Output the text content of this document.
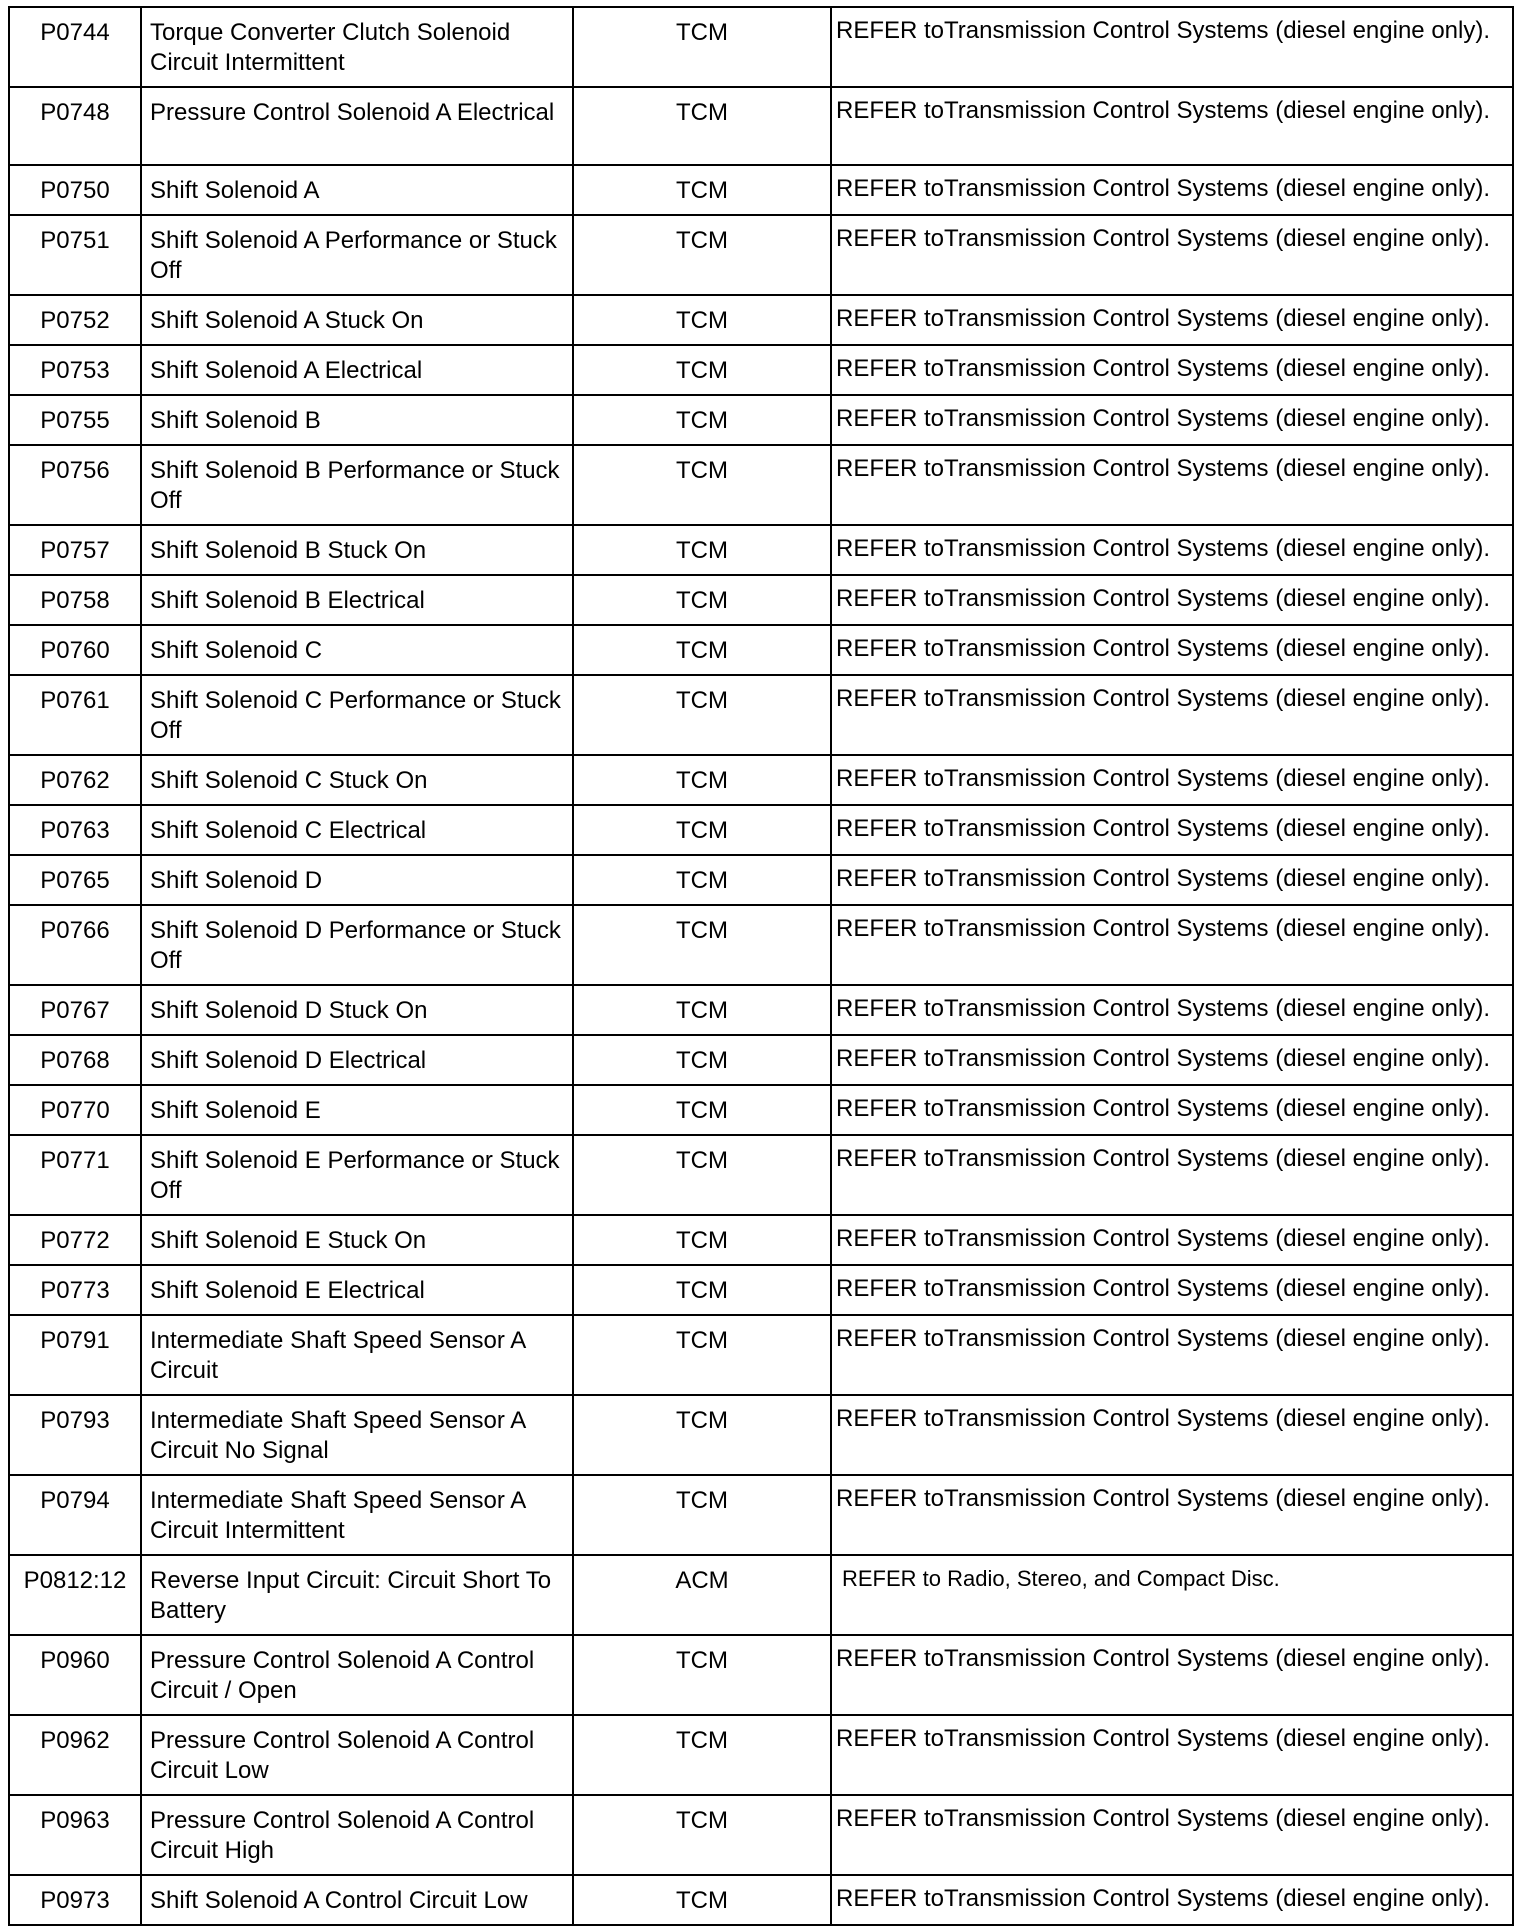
P0744	Torque Converter Clutch Solenoid Circuit Intermittent	TCM	REFER toTransmission Control Systems (diesel engine only).
P0748	Pressure Control Solenoid A Electrical	TCM	REFER toTransmission Control Systems (diesel engine only).
P0750	Shift Solenoid A	TCM	REFER toTransmission Control Systems (diesel engine only).
P0751	Shift Solenoid A Performance or Stuck Off	TCM	REFER toTransmission Control Systems (diesel engine only).
P0752	Shift Solenoid A Stuck On	TCM	REFER toTransmission Control Systems (diesel engine only).
P0753	Shift Solenoid A Electrical	TCM	REFER toTransmission Control Systems (diesel engine only).
P0755	Shift Solenoid B	TCM	REFER toTransmission Control Systems (diesel engine only).
P0756	Shift Solenoid B Performance or Stuck Off	TCM	REFER toTransmission Control Systems (diesel engine only).
P0757	Shift Solenoid B Stuck On	TCM	REFER toTransmission Control Systems (diesel engine only).
P0758	Shift Solenoid B Electrical	TCM	REFER toTransmission Control Systems (diesel engine only).
P0760	Shift Solenoid C	TCM	REFER toTransmission Control Systems (diesel engine only).
P0761	Shift Solenoid C Performance or Stuck Off	TCM	REFER toTransmission Control Systems (diesel engine only).
P0762	Shift Solenoid C Stuck On	TCM	REFER toTransmission Control Systems (diesel engine only).
P0763	Shift Solenoid C Electrical	TCM	REFER toTransmission Control Systems (diesel engine only).
P0765	Shift Solenoid D	TCM	REFER toTransmission Control Systems (diesel engine only).
P0766	Shift Solenoid D Performance or Stuck Off	TCM	REFER toTransmission Control Systems (diesel engine only).
P0767	Shift Solenoid D Stuck On	TCM	REFER toTransmission Control Systems (diesel engine only).
P0768	Shift Solenoid D Electrical	TCM	REFER toTransmission Control Systems (diesel engine only).
P0770	Shift Solenoid E	TCM	REFER toTransmission Control Systems (diesel engine only).
P0771	Shift Solenoid E Performance or Stuck Off	TCM	REFER toTransmission Control Systems (diesel engine only).
P0772	Shift Solenoid E Stuck On	TCM	REFER toTransmission Control Systems (diesel engine only).
P0773	Shift Solenoid E Electrical	TCM	REFER toTransmission Control Systems (diesel engine only).
P0791	Intermediate Shaft Speed Sensor A Circuit	TCM	REFER toTransmission Control Systems (diesel engine only).
P0793	Intermediate Shaft Speed Sensor A Circuit No Signal	TCM	REFER toTransmission Control Systems (diesel engine only).
P0794	Intermediate Shaft Speed Sensor A Circuit Intermittent	TCM	REFER toTransmission Control Systems (diesel engine only).
P0812:12	Reverse Input Circuit: Circuit Short To Battery	ACM	REFER to Radio, Stereo, and Compact Disc.
P0960	Pressure Control Solenoid A Control Circuit / Open	TCM	REFER toTransmission Control Systems (diesel engine only).
P0962	Pressure Control Solenoid A Control Circuit Low	TCM	REFER toTransmission Control Systems (diesel engine only).
P0963	Pressure Control Solenoid A Control Circuit High	TCM	REFER toTransmission Control Systems (diesel engine only).
P0973	Shift Solenoid A Control Circuit Low	TCM	REFER toTransmission Control Systems (diesel engine only).
